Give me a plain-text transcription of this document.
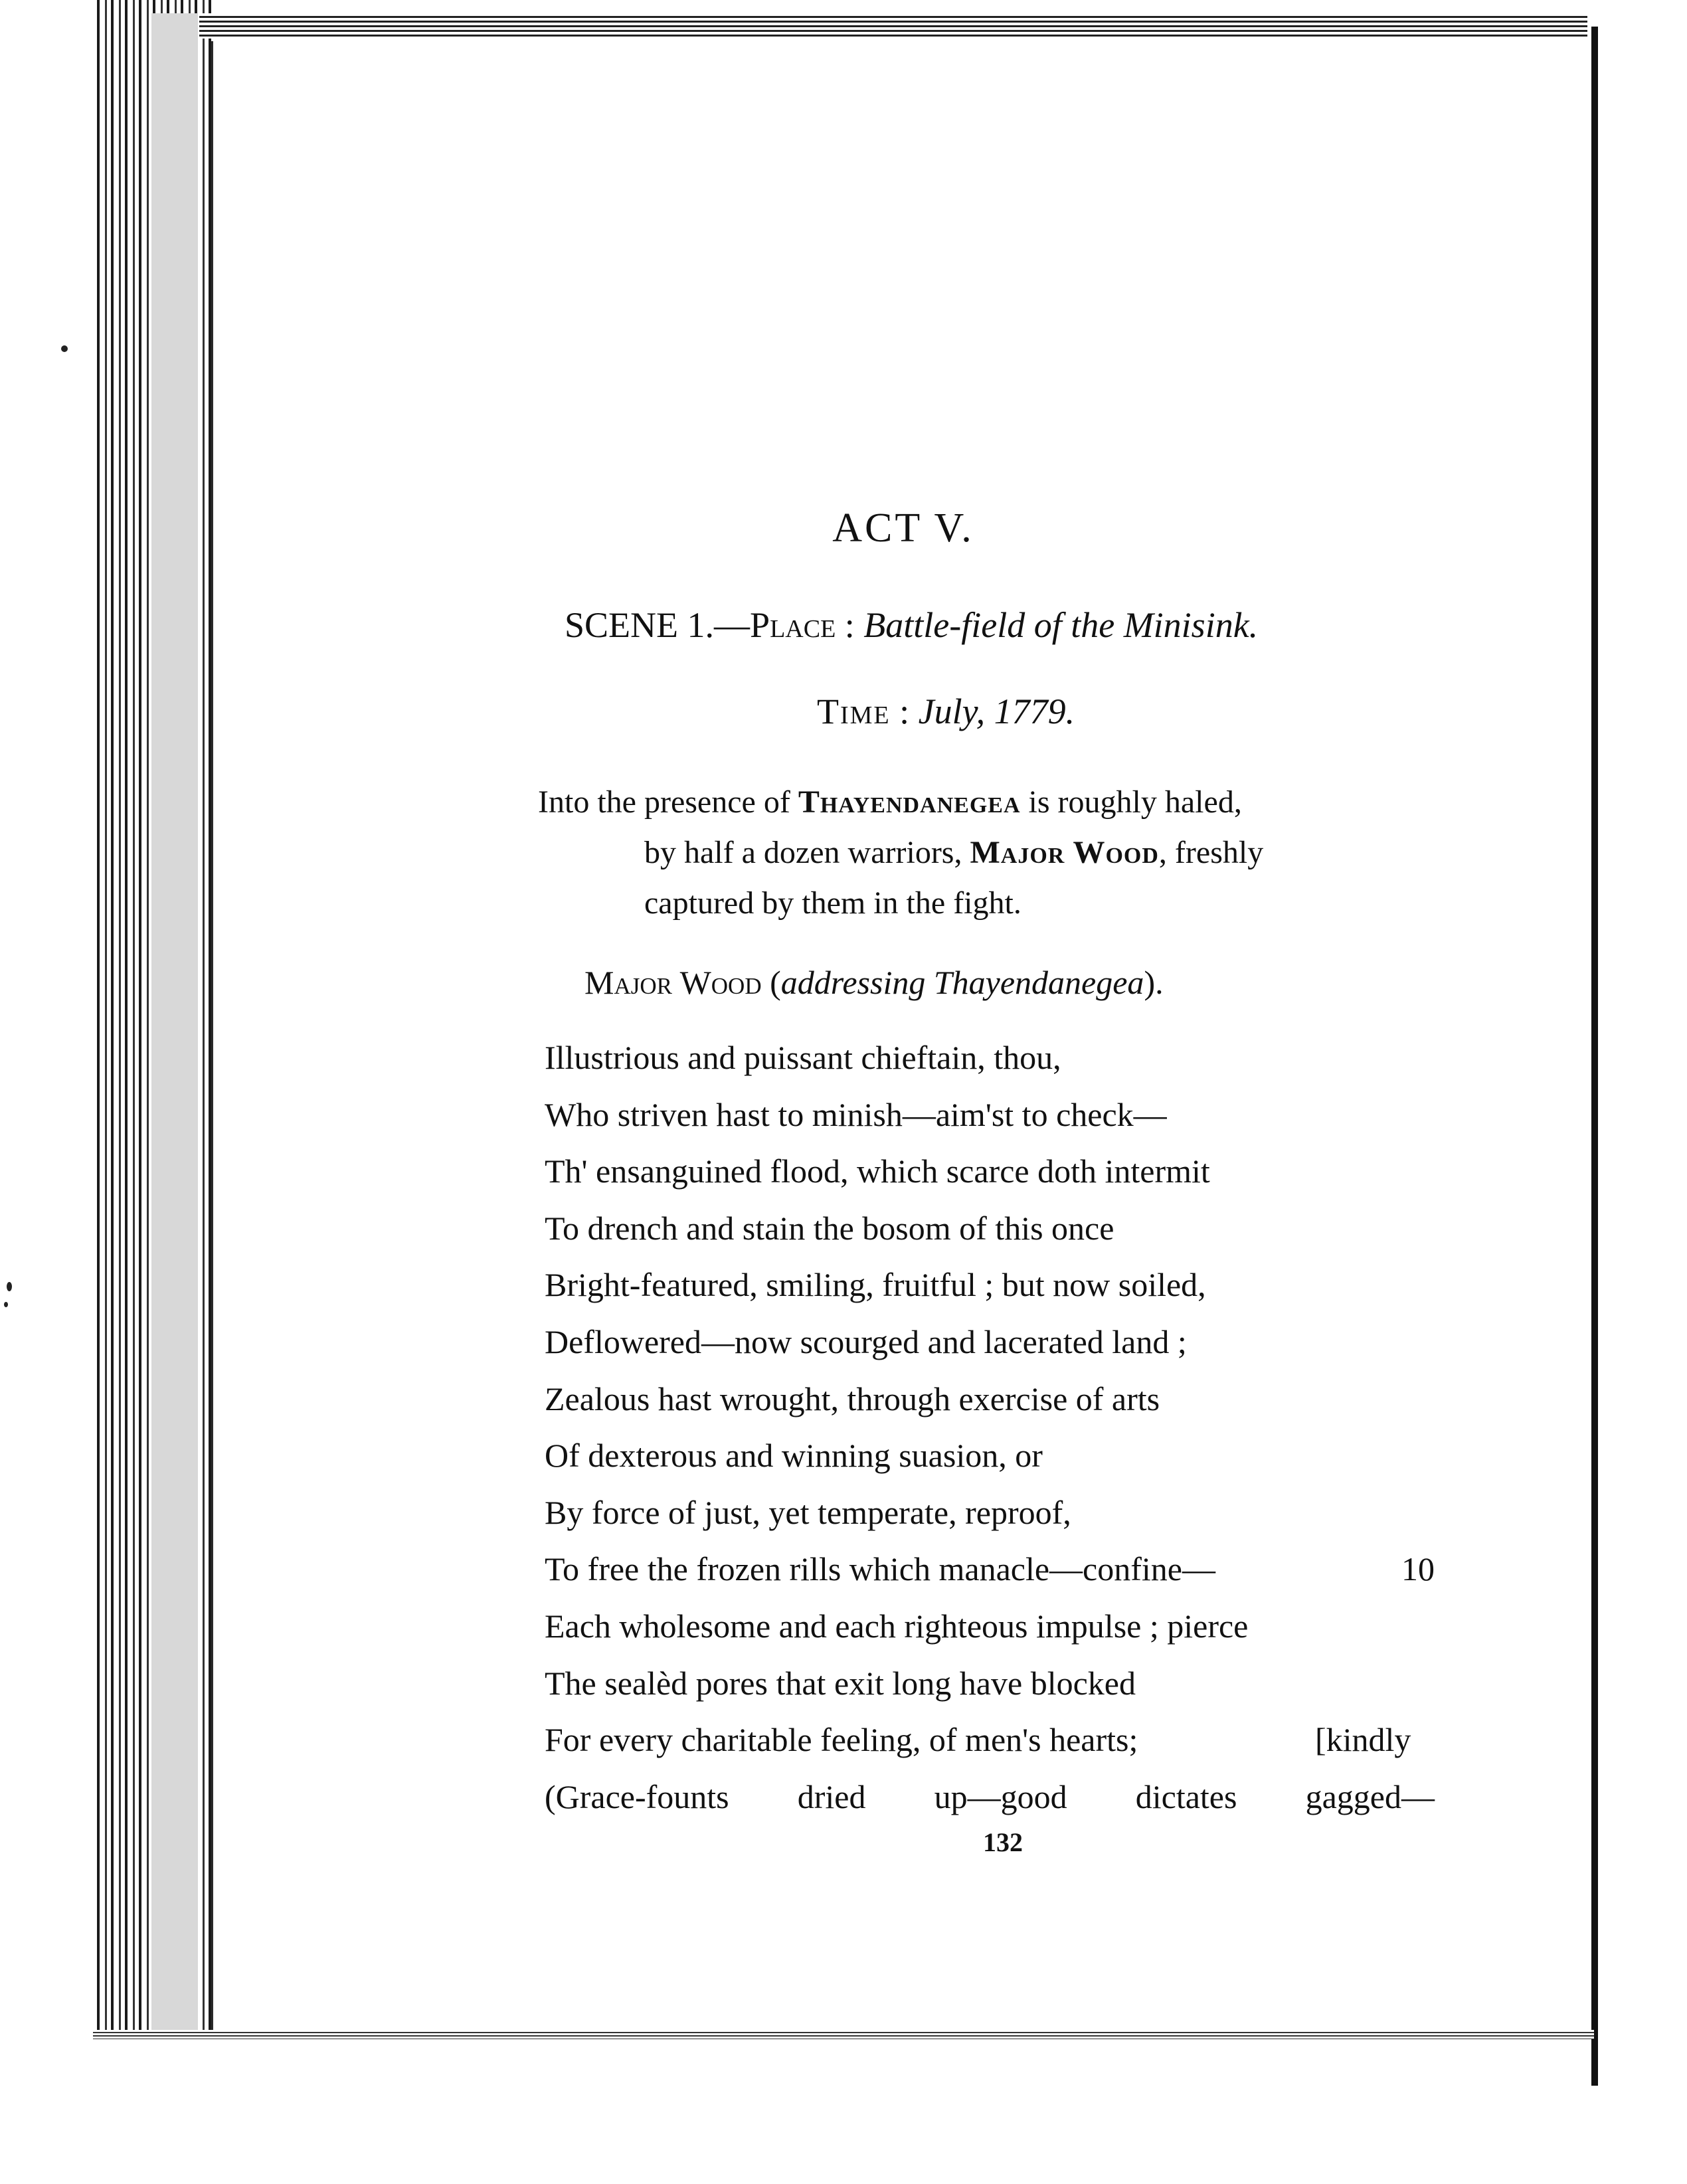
ACT V.
SCENE 1.—Place : Battle-field of the Minisink.
Time : July, 1779.
Into the presence of Thayendanegea is roughly haled,
by half a dozen warriors, Major Wood, freshly
captured by them in the fight.
Major Wood (addressing Thayendanegea).
Illustrious and puissant chieftain, thou,
Who striven hast to minish—aim'st to check—
Th' ensanguined flood, which scarce doth intermit
To drench and stain the bosom of this once
Bright-featured, smiling, fruitful ; but now soiled,
Deflowered—now scourged and lacerated land ;
Zealous hast wrought, through exercise of arts
Of dexterous and winning suasion, or
By force of just, yet temperate, reproof,
To free the frozen rills which manacle—confine—	10
Each wholesome and each righteous impulse ; pierce
The sealèd pores that exit long have blocked
For every charitable feeling, of men's hearts;	[kindly
(Grace-founts dried up—good dictates gagged—
132
